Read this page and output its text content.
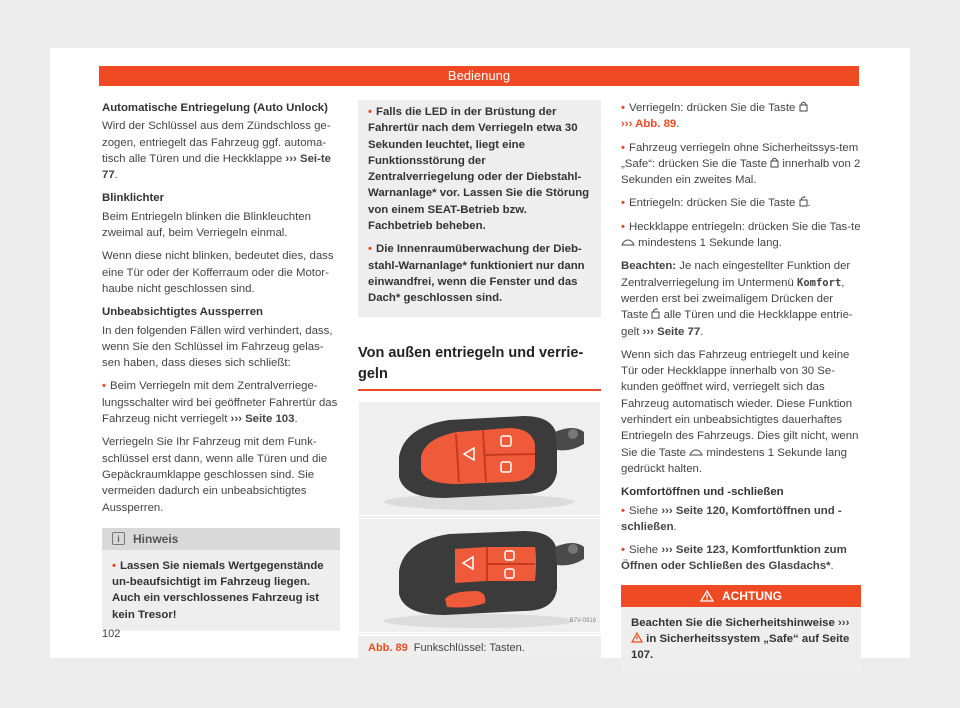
Bedienung

Automatische Entriegelung (Auto Unlock)

Wird der Schlüssel aus dem Zündschloss ge-zogen, entriegelt das Fahrzeug ggf. automa-tisch alle Türen und die Heckklappe ››› Sei-te 77.

Blinklichter

Beim Entriegeln blinken die Blinkleuchten zweimal auf, beim Verriegeln einmal.

Wenn diese nicht blinken, bedeutet dies, dass eine Tür oder der Kofferraum oder die Motor-haube nicht geschlossen sind.

Unbeabsichtigtes Aussperren

In den folgenden Fällen wird verhindert, dass, wenn Sie den Schlüssel im Fahrzeug gelas-sen haben, dass dieses sich schließt:

• Beim Verriegeln mit dem Zentralverriege-lungsschalter wird bei geöffneter Fahrertür das Fahrzeug nicht verriegelt ››› Seite 103.

Verriegeln Sie Ihr Fahrzeug mit dem Funk-schlüssel erst dann, wenn alle Türen und die Gepäckraumklappe geschlossen sind. Sie vermeiden dadurch ein unbeabsichtigtes Aussperren.

i	Hinweis

• Lassen Sie niemals Wertgegenstände un-beaufsichtigt im Fahrzeug liegen. Auch ein verschlossenes Fahrzeug ist kein Tresor!

• Falls die LED in der Brüstung der Fahrertür nach dem Verriegeln etwa 30 Sekunden leuchtet, liegt eine Funktionsstörung der Zentralverriegelung oder der Diebstahl-Warnanlage* vor. Lassen Sie die Störung von einem SEAT-Betrieb bzw. Fachbetrieb beheben.

• Die Innenraumüberwachung der Dieb-stahl-Warnanlage* funktioniert nur dann einwandfrei, wenn die Fenster und das Dach* geschlossen sind.

Von außen entriegeln und verrie-geln
B7V-0918
Abb. 89 Funkschlüssel: Tasten.

• Verriegeln: drücken Sie die Taste
››› Abb. 89.

• Fahrzeug verriegeln ohne Sicherheitssys-tem „Safe“: drücken Sie die Taste innerhalb von 2 Sekunden ein zweites Mal.

• Entriegeln: drücken Sie die Taste .

• Heckklappe entriegeln: drücken Sie die Tas-te  mindestens 1 Sekunde lang.

Beachten: Je nach eingestellter Funktion der Zentralverriegelung im Untermenü Komfort, werden erst bei zweimaligem Drücken der Taste alle Türen und die Heckklappe entrie-gelt ››› Seite 77.

Wenn sich das Fahrzeug entriegelt und keine Tür oder Heckklappe innerhalb von 30 Se-kunden geöffnet wird, verriegelt sich das Fahrzeug automatisch wieder. Diese Funktion verhindert ein unbeabsichtigtes dauerhaftes Entriegeln des Fahrzeugs. Dies gilt nicht, wenn Sie die Taste mindestens 1 Sekunde lang gedrückt halten.

Komfortöffnen und -schließen

• Siehe ››› Seite 120, Komfortöffnen und -schließen.

• Siehe ››› Seite 123, Komfortfunktion zum Öffnen oder Schließen des Glasdachs*.

ACHTUNG

Beachten Sie die Sicherheitshinweise ›››  in Sicherheitssystem „Safe“ auf Seite 107.

102
